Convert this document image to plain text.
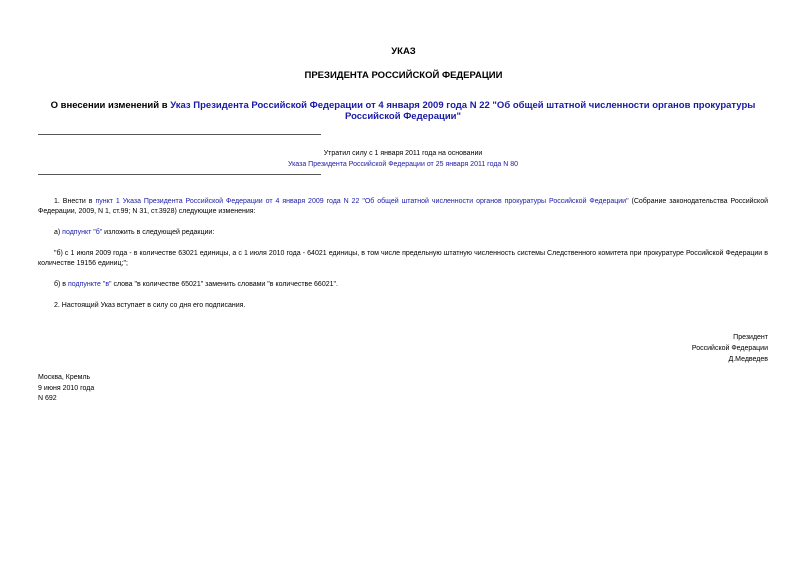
УКАЗ
ПРЕЗИДЕНТА РОССИЙСКОЙ ФЕДЕРАЦИИ
О внесении изменений в Указ Президента Российской Федерации от 4 января 2009 года N 22 "Об общей штатной численности органов прокуратуры Российской Федерации"
Утратил силу с 1 января 2011 года на основании
Указа Президента Российской Федерации от 25 января 2011 года N 80
1. Внести в пункт 1 Указа Президента Российской Федерации от 4 января 2009 года N 22 "Об общей штатной численности органов прокуратуры Российской Федерации" (Собрание законодательства Российской Федерации, 2009, N 1, ст.99; N 31, ст.3928) следующие изменения:
а) подпункт "б" изложить в следующей редакции:
"б) с 1 июля 2009 года - в количестве 63021 единицы, а с 1 июля 2010 года - 64021 единицы, в том числе предельную штатную численность системы Следственного комитета при прокуратуре Российской Федерации в количестве 19156 единиц;";
б) в подпункте "в" слова "в количестве 65021" заменить словами "в количестве 66021".
2. Настоящий Указ вступает в силу со дня его подписания.
Президент
Российской Федерации
Д.Медведев
Москва, Кремль
9 июня 2010 года
N 692
